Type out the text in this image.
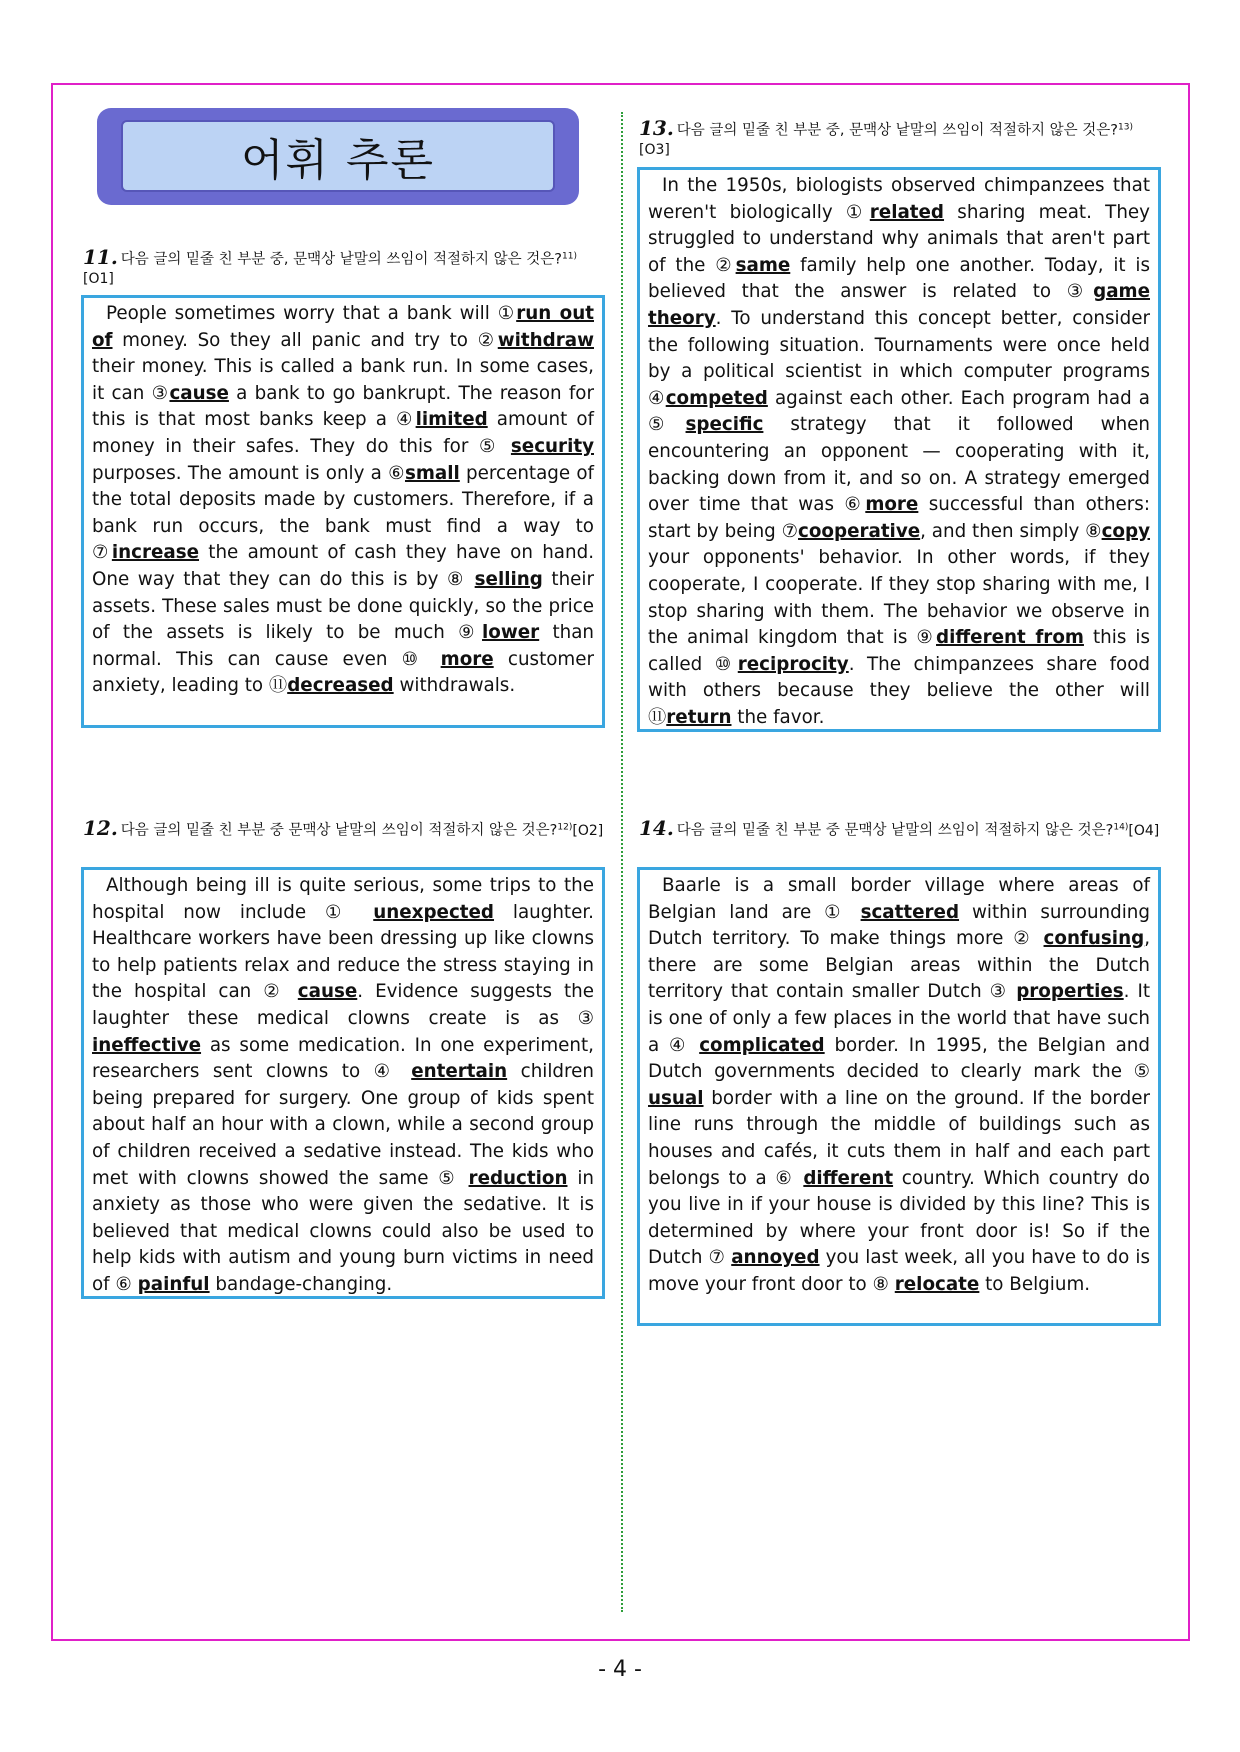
어휘 추론
11. 다음 글의 밑줄 친 부분 중, 문맥상 낱말의 쓰임이 적절하지 않은 것은?$^{11)}$[O1]

People sometimes worry that a bank will ①run out of money. So they all panic and try to ②withdraw their money. This is called a bank run. In some cases, it can ③cause a bank to go bankrupt. The reason for this is that most banks keep a ④limited amount of money in their safes. They do this for ⑤ security purposes. The amount is only a ⑥small percentage of the total deposits made by customers. Therefore, if a bank run occurs, the bank must find a way to ⑦increase the amount of cash they have on hand. One way that they can do this is by ⑧ selling their assets. These sales must be done quickly, so the price of the assets is likely to be much ⑨lower than normal. This can cause even ⑩ more customer anxiety, leading to ⑪decreased withdrawals.

12. 다음 글의 밑줄 친 부분 중 문맥상 낱말의 쓰임이 적절하지 않은 것은?$^{12)}$[O2]

Although being ill is quite serious, some trips to the hospital now include ① unexpected laughter. Healthcare workers have been dressing up like clowns to help patients relax and reduce the stress staying in the hospital can ② cause. Evidence suggests the laughter these medical clowns create is as ③ ineffective as some medication. In one experiment, researchers sent clowns to ④ entertain children being prepared for surgery. One group of kids spent about half an hour with a clown, while a second group of children received a sedative instead. The kids who met with clowns showed the same ⑤ reduction in anxiety as those who were given the sedative. It is believed that medical clowns could also be used to help kids with autism and young burn victims in need of ⑥ painful bandage-changing.

13. 다음 글의 밑줄 친 부분 중, 문맥상 낱말의 쓰임이 적절하지 않은 것은?$^{13)}$[O3]

In the 1950s, biologists observed chimpanzees that weren't biologically ①related sharing meat. They struggled to understand why animals that aren't part of the ②same family help one another. Today, it is believed that the answer is related to ③game theory. To understand this concept better, consider the following situation. Tournaments were once held by a political scientist in which computer programs ④competed against each other. Each program had a ⑤specific strategy that it followed when encountering an opponent — cooperating with it, backing down from it, and so on. A strategy emerged over time that was ⑥more successful than others: start by being ⑦cooperative, and then simply ⑧copy your opponents' behavior. In other words, if they cooperate, I cooperate. If they stop sharing with me, I stop sharing with them. The behavior we observe in the animal kingdom that is ⑨different from this is called ⑩reciprocity. The chimpanzees share food with others because they believe the other will ⑪return the favor.

14. 다음 글의 밑줄 친 부분 중 문맥상 낱말의 쓰임이 적절하지 않은 것은?$^{14)}$[O4]

Baarle is a small border village where areas of Belgian land are ① scattered within surrounding Dutch territory. To make things more ② confusing, there are some Belgian areas within the Dutch territory that contain smaller Dutch ③ properties. It is one of only a few places in the world that have such a ④ complicated border. In 1995, the Belgian and Dutch governments decided to clearly mark the ⑤ usual border with a line on the ground. If the border line runs through the middle of buildings such as houses and cafés, it cuts them in half and each part belongs to a ⑥ different country. Which country do you live in if your house is divided by this line? This is determined by where your front door is! So if the Dutch ⑦ annoyed you last week, all you have to do is move your front door to ⑧ relocate to Belgium.

- 4 -
